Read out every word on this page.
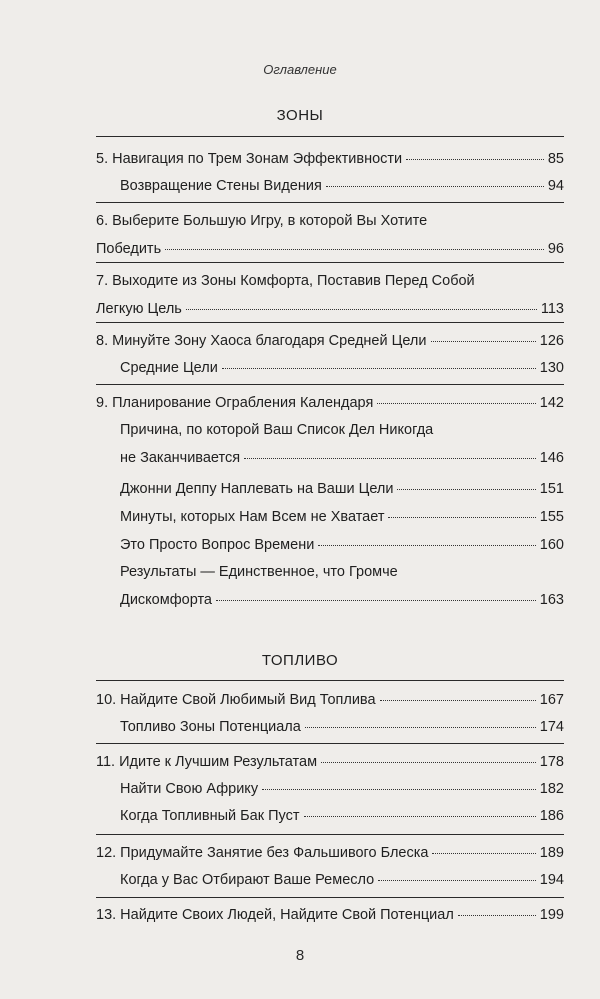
Оглавление
ЗОНЫ
5. Навигация по Трем Зонам Эффективности	85
Возвращение Стены Видения	94
6. Выберите Большую Игру, в которой Вы Хотите
Победить	96
7. Выходите из Зоны Комфорта, Поставив Перед Собой
Легкую Цель	113
8. Минуйте Зону Хаоса благодаря Средней Цели	126
Средние Цели	130
9. Планирование Ограбления Календаря	142
Причина, по которой Ваш Список Дел Никогда
не Заканчивается	146
Джонни Деппу Наплевать на Ваши Цели	151
Минуты, которых Нам Всем не Хватает	155
Это Просто Вопрос Времени	160
Результаты — Единственное, что Громче
Дискомфорта	163
ТОПЛИВО
10. Найдите Свой Любимый Вид Топлива	167
Топливо Зоны Потенциала	174
11. Идите к Лучшим Результатам	178
Найти Свою Африку	182
Когда Топливный Бак Пуст	186
12. Придумайте Занятие без Фальшивого Блеска	189
Когда у Вас Отбирают Ваше Ремесло	194
13. Найдите Своих Людей, Найдите Свой Потенциал	199
8
